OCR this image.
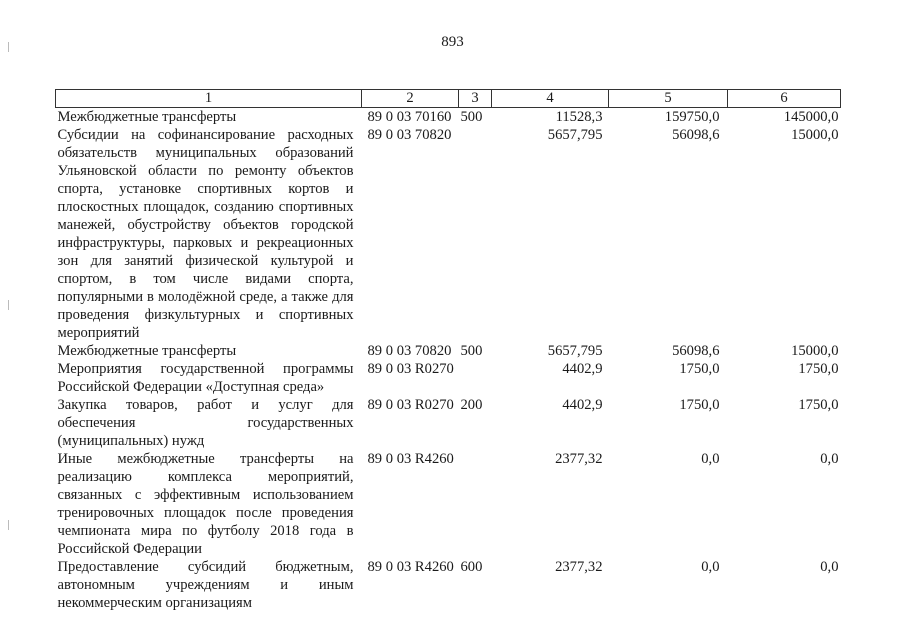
893
1	2	3	4	5	6
Межбюджетные трансферты	89 0 03 70160	500	11528,3	159750,0	145000,0
Субсидии на софинансирование расходных обязательств муниципальных образований Ульяновской области по ремонту объектов спорта, установке спортивных кортов и плоскостных площадок, созданию спортивных манежей, обустройству объектов городской инфраструктуры, парковых и рекреационных зон для занятий физической культурой и спортом, в том числе видами спорта, популярными в молодёжной среде, а также для проведения физкультурных и спортивных мероприятий	89 0 03 70820		5657,795	56098,6	15000,0
Межбюджетные трансферты	89 0 03 70820	500	5657,795	56098,6	15000,0
Мероприятия государственной программы Российской Федерации «Доступная среда»	89 0 03 R0270		4402,9	1750,0	1750,0
Закупка товаров, работ и услуг для обеспечения государственных (муниципальных) нужд	89 0 03 R0270	200	4402,9	1750,0	1750,0
Иные межбюджетные трансферты на реализацию комплекса мероприятий, связанных с эффективным использованием тренировочных площадок после проведения чемпионата мира по футболу 2018 года в Российской Федерации	89 0 03 R4260		2377,32	0,0	0,0
Предоставление субсидий бюджетным, автономным учреждениям и иным некоммерческим организациям	89 0 03 R4260	600	2377,32	0,0	0,0
